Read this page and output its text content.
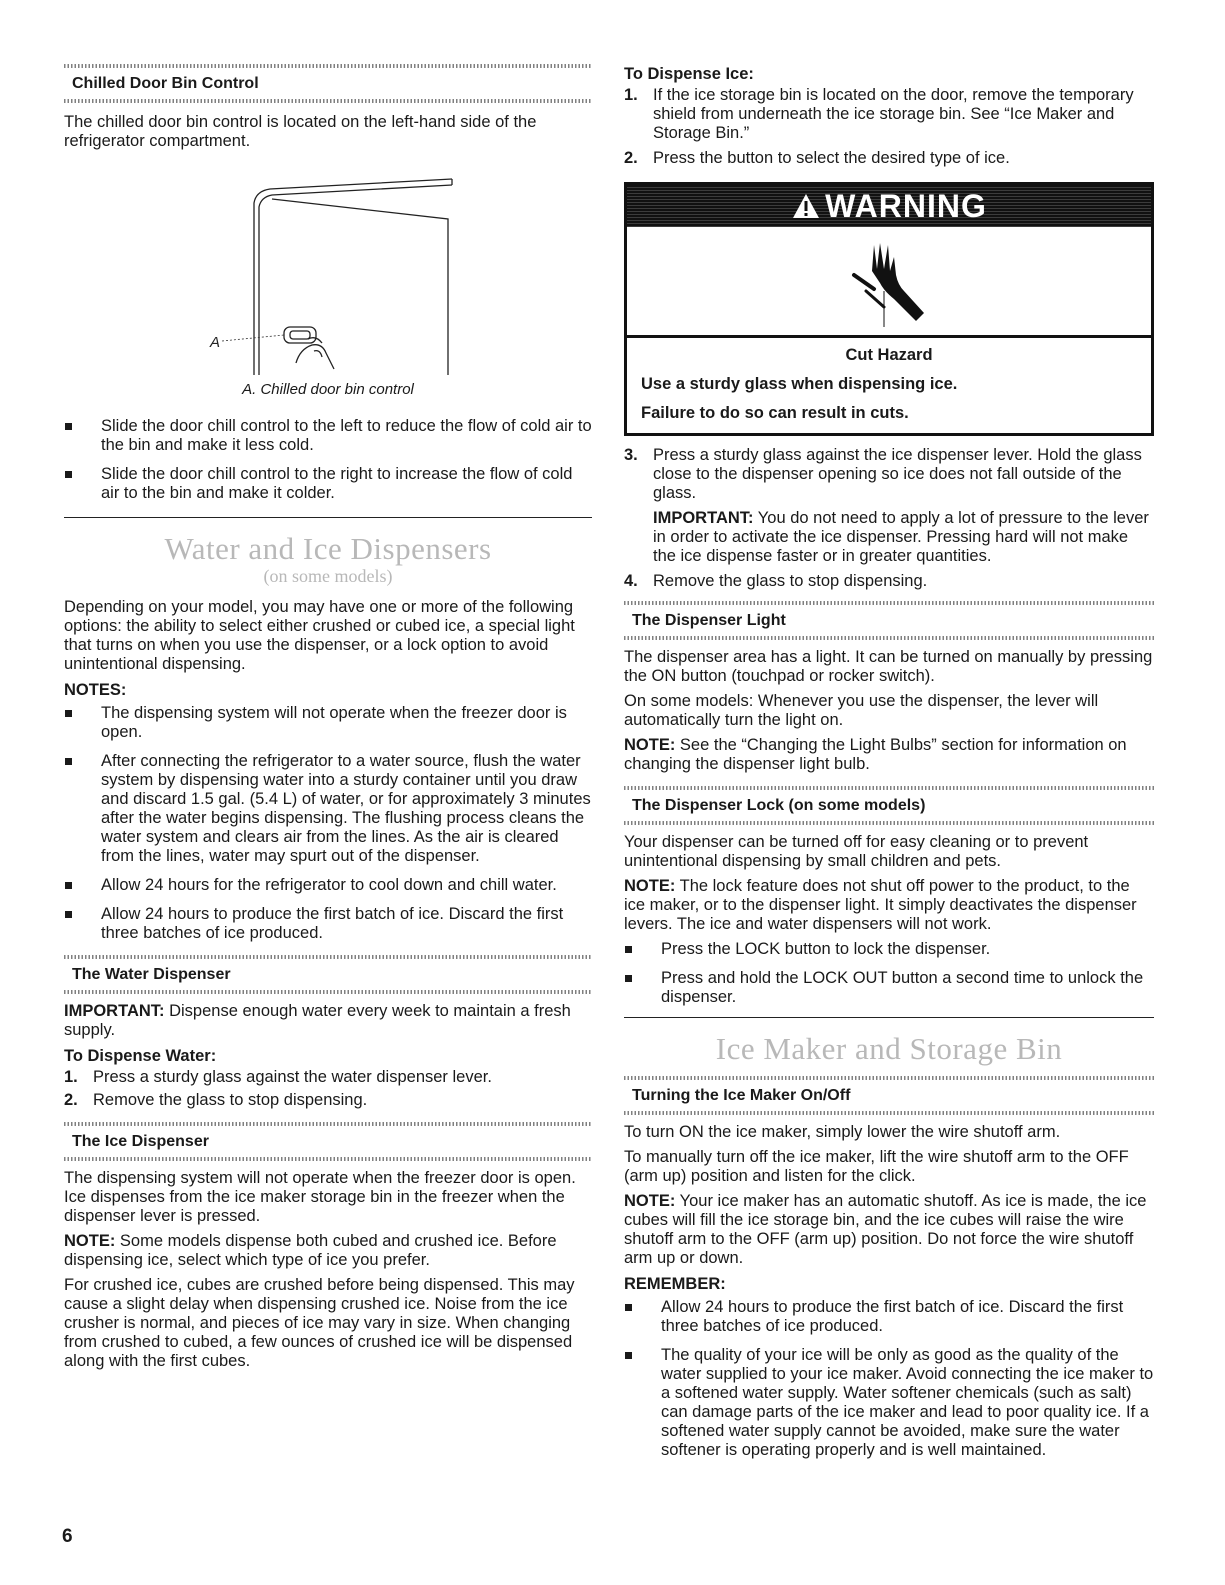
Chilled Door Bin Control

The chilled door bin control is located on the left-hand side of the refrigerator compartment.

A
A. Chilled door bin control
Slide the door chill control to the left to reduce the flow of cold air to the bin and make it less cold.
Slide the door chill control to the right to increase the flow of cold air to the bin and make it colder.
Water and Ice Dispensers
(on some models)

Depending on your model, you may have one or more of the following options: the ability to select either crushed or cubed ice, a special light that turns on when you use the dispenser, or a lock option to avoid unintentional dispensing.

NOTES:
The dispensing system will not operate when the freezer door is open.
After connecting the refrigerator to a water source, flush the water system by dispensing water into a sturdy container until you draw and discard 1.5 gal. (5.4 L) of water, or for approximately 3 minutes after the water begins dispensing. The flushing process cleans the water system and clears air from the lines. As the air is cleared from the lines, water may spurt out of the dispenser.
Allow 24 hours for the refrigerator to cool down and chill water.
Allow 24 hours to produce the first batch of ice. Discard the first three batches of ice produced.
The Water Dispenser

IMPORTANT: Dispense enough water every week to maintain a fresh supply.

To Dispense Water:
1. Press a sturdy glass against the water dispenser lever.
2. Remove the glass to stop dispensing.
The Ice Dispenser

The dispensing system will not operate when the freezer door is open. Ice dispenses from the ice maker storage bin in the freezer when the dispenser lever is pressed.

NOTE: Some models dispense both cubed and crushed ice. Before dispensing ice, select which type of ice you prefer.

For crushed ice, cubes are crushed before being dispensed. This may cause a slight delay when dispensing crushed ice. Noise from the ice crusher is normal, and pieces of ice may vary in size. When changing from crushed to cubed, a few ounces of crushed ice will be dispensed along with the first cubes.

To Dispense Ice:
1. If the ice storage bin is located on the door, remove the temporary shield from underneath the ice storage bin. See “Ice Maker and Storage Bin.”
2. Press the button to select the desired type of ice.
WARNING
Cut Hazard
Use a sturdy glass when dispensing ice.
Failure to do so can result in cuts.
3. Press a sturdy glass against the ice dispenser lever. Hold the glass close to the dispenser opening so ice does not fall outside of the glass.

IMPORTANT: You do not need to apply a lot of pressure to the lever in order to activate the ice dispenser. Pressing hard will not make the ice dispense faster or in greater quantities.

4. Remove the glass to stop dispensing.
The Dispenser Light

The dispenser area has a light. It can be turned on manually by pressing the ON button (touchpad or rocker switch).

On some models: Whenever you use the dispenser, the lever will automatically turn the light on.

NOTE: See the “Changing the Light Bulbs” section for information on changing the dispenser light bulb.

The Dispenser Lock (on some models)

Your dispenser can be turned off for easy cleaning or to prevent unintentional dispensing by small children and pets.

NOTE: The lock feature does not shut off power to the product, to the ice maker, or to the dispenser light. It simply deactivates the dispenser levers. The ice and water dispensers will not work.

Press the LOCK button to lock the dispenser.
Press and hold the LOCK OUT button a second time to unlock the dispenser.
Ice Maker and Storage Bin
Turning the Ice Maker On/Off

To turn ON the ice maker, simply lower the wire shutoff arm.

To manually turn off the ice maker, lift the wire shutoff arm to the OFF (arm up) position and listen for the click.

NOTE: Your ice maker has an automatic shutoff. As ice is made, the ice cubes will fill the ice storage bin, and the ice cubes will raise the wire shutoff arm to the OFF (arm up) position. Do not force the wire shutoff arm up or down.

REMEMBER:
Allow 24 hours to produce the first batch of ice. Discard the first three batches of ice produced.
The quality of your ice will be only as good as the quality of the water supplied to your ice maker. Avoid connecting the ice maker to a softened water supply. Water softener chemicals (such as salt) can damage parts of the ice maker and lead to poor quality ice. If a softened water supply cannot be avoided, make sure the water softener is operating properly and is well maintained.
6
